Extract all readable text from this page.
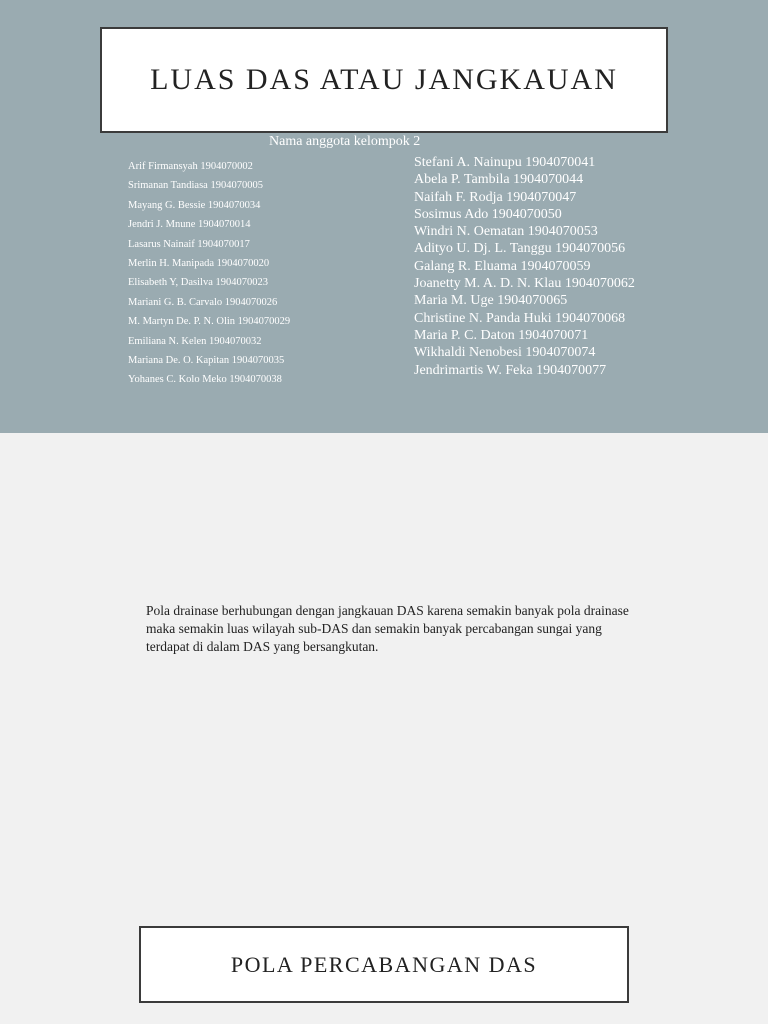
LUAS DAS ATAU JANGKAUAN
Nama anggota kelompok 2
Arif Firmansyah 1904070002
Srimanan Tandiasa 1904070005
Mayang G. Bessie 1904070034
Jendri J. Mnune 1904070014
Lasarus Nainaif 1904070017
Merlin H. Manipada 1904070020
Elisabeth Y, Dasilva 1904070023
Mariani G. B. Carvalo 1904070026
M. Martyn De. P. N. Olin 1904070029
Emiliana N. Kelen 1904070032
Mariana De. O. Kapitan 1904070035
Yohanes C. Kolo Meko 1904070038
Stefani A. Nainupu 1904070041
Abela P. Tambila 1904070044
Naifah F. Rodja 1904070047
Sosimus Ado 1904070050
Windri N. Oematan 1904070053
Adityo U. Dj. L. Tanggu 1904070056
Galang R. Eluama 1904070059
Joanetty M. A. D. N. Klau 1904070062
Maria M. Uge 1904070065
Christine N. Panda Huki 1904070068
Maria P. C. Daton 1904070071
Wikhaldi Nenobesi 1904070074
Jendrimartis W. Feka 1904070077

Pola drainase berhubungan dengan jangkauan DAS karena semakin banyak pola drainase maka semakin luas wilayah sub-DAS dan semakin banyak percabangan sungai yang terdapat di dalam DAS yang bersangkutan.

POLA PERCABANGAN DAS
